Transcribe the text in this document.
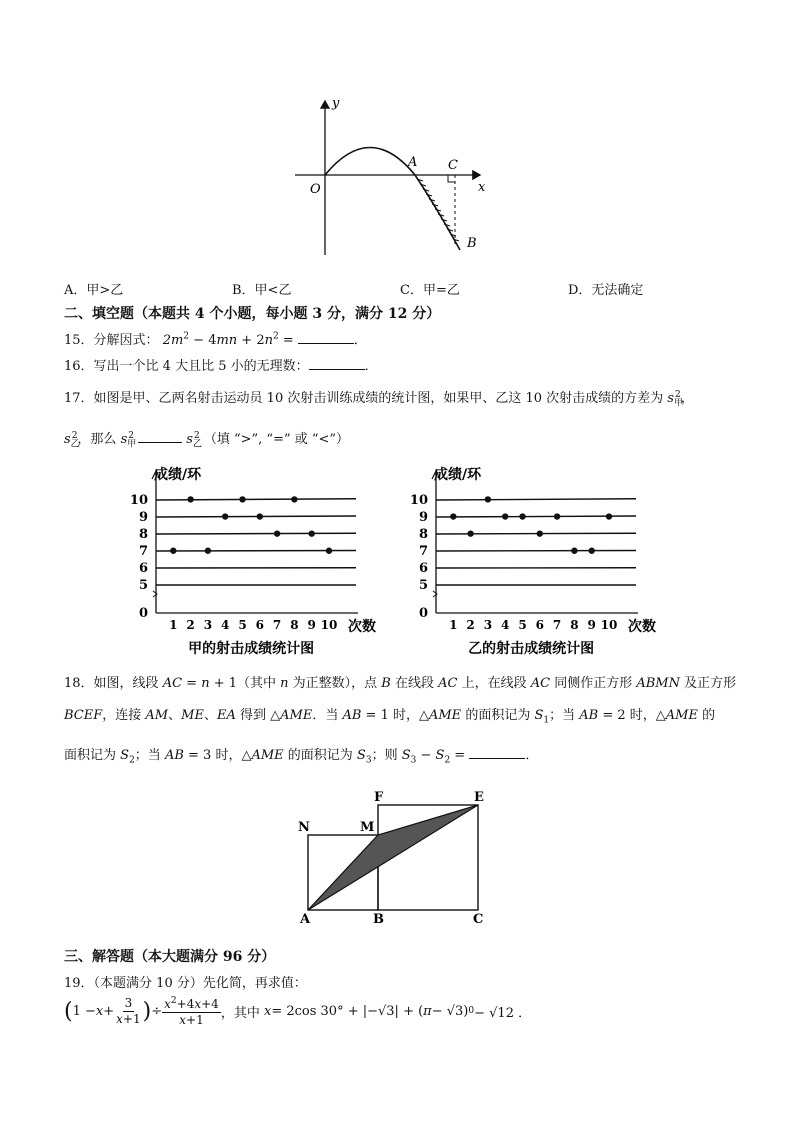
y
x
O
A C
B
A．甲>乙	B．甲<乙	C．甲=乙	D．无法确定
二、填空题（本题共 4 个小题，每小题 3 分，满分 12 分）
15．分解因式： $2m^2 - 4mn + 2n^2$ =	．
16．写出一个比 4 大且比 5 小的无理数：	．
17．如图是甲、乙两名射击运动员 10 次射击训练成绩的统计图，如果甲、乙这 10 次射击成绩的方差为 $s_甲^2$，
$s_乙^2$，那么 $s_甲^2$	$s_乙^2$ （填 “>”, “=” 或 “<”）
0
5
6
7
8
9
10
1 2 3 4 5 6 7 8 9 10
成绩/环
次数
甲的射击成绩统计图
0
5
6
7
8
9
10
1 2 3 4 5 6 7 8 9 10
成绩/环
次数
乙的射击成绩统计图
18．如图，线段 AC = n + 1（其中 n 为正整数），点 B 在线段 AC 上，在线段 AC 同侧作正方形 ABMN 及正方形
BCEF，连接 AM、ME、EA 得到 △AME．当 AB = 1 时，△AME 的面积记为 $S_1$；当 AB = 2 时，△AME 的
面积记为 $S_2$；当 AB = 3 时，△AME 的面积记为 $S_3$；则 $S_3 - S_2$ =	．
N	M
F	E
A	B	C
三、解答题（本大题满分 96 分）
19．（本题满分 10 分）先化简，再求值：
( $1 - x + \frac{3}{x+1}$ ) ÷ $\frac{x^2+4x+4}{x+1}$ ，其中
x = 2cos 30° + |−√3| + ( π − √3) 0 − √12 ．
